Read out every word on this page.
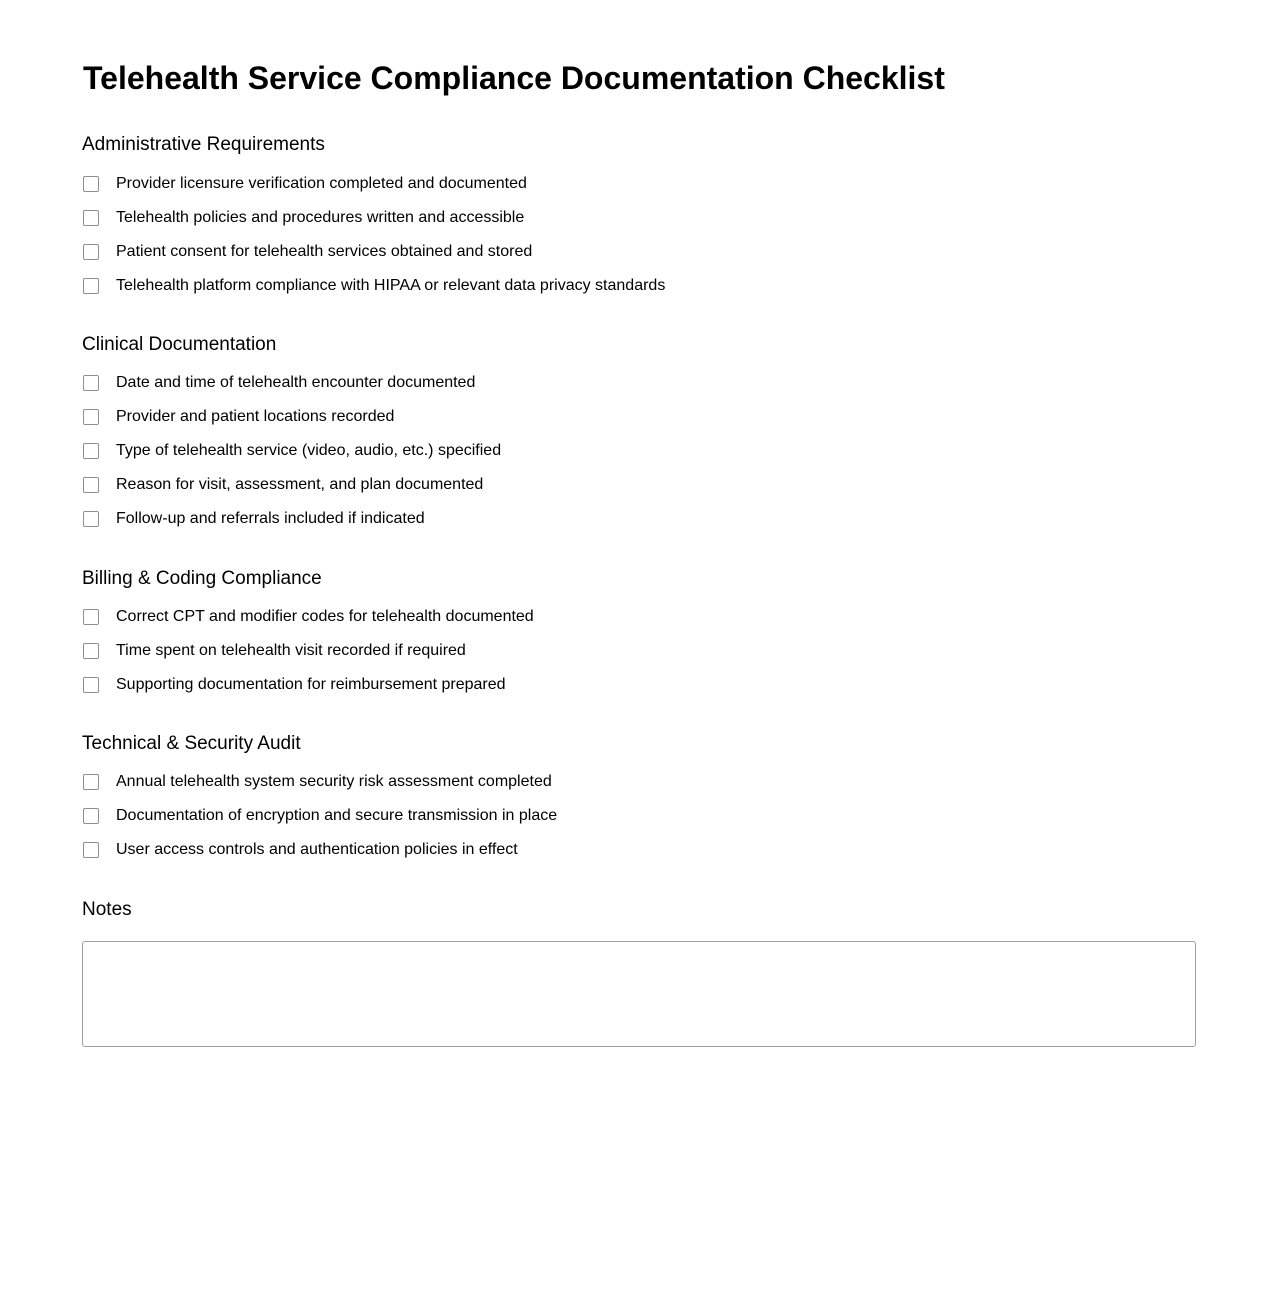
Telehealth Service Compliance Documentation Checklist
Administrative Requirements
Provider licensure verification completed and documented
Telehealth policies and procedures written and accessible
Patient consent for telehealth services obtained and stored
Telehealth platform compliance with HIPAA or relevant data privacy standards
Clinical Documentation
Date and time of telehealth encounter documented
Provider and patient locations recorded
Type of telehealth service (video, audio, etc.) specified
Reason for visit, assessment, and plan documented
Follow-up and referrals included if indicated
Billing & Coding Compliance
Correct CPT and modifier codes for telehealth documented
Time spent on telehealth visit recorded if required
Supporting documentation for reimbursement prepared
Technical & Security Audit
Annual telehealth system security risk assessment completed
Documentation of encryption and secure transmission in place
User access controls and authentication policies in effect
Notes
